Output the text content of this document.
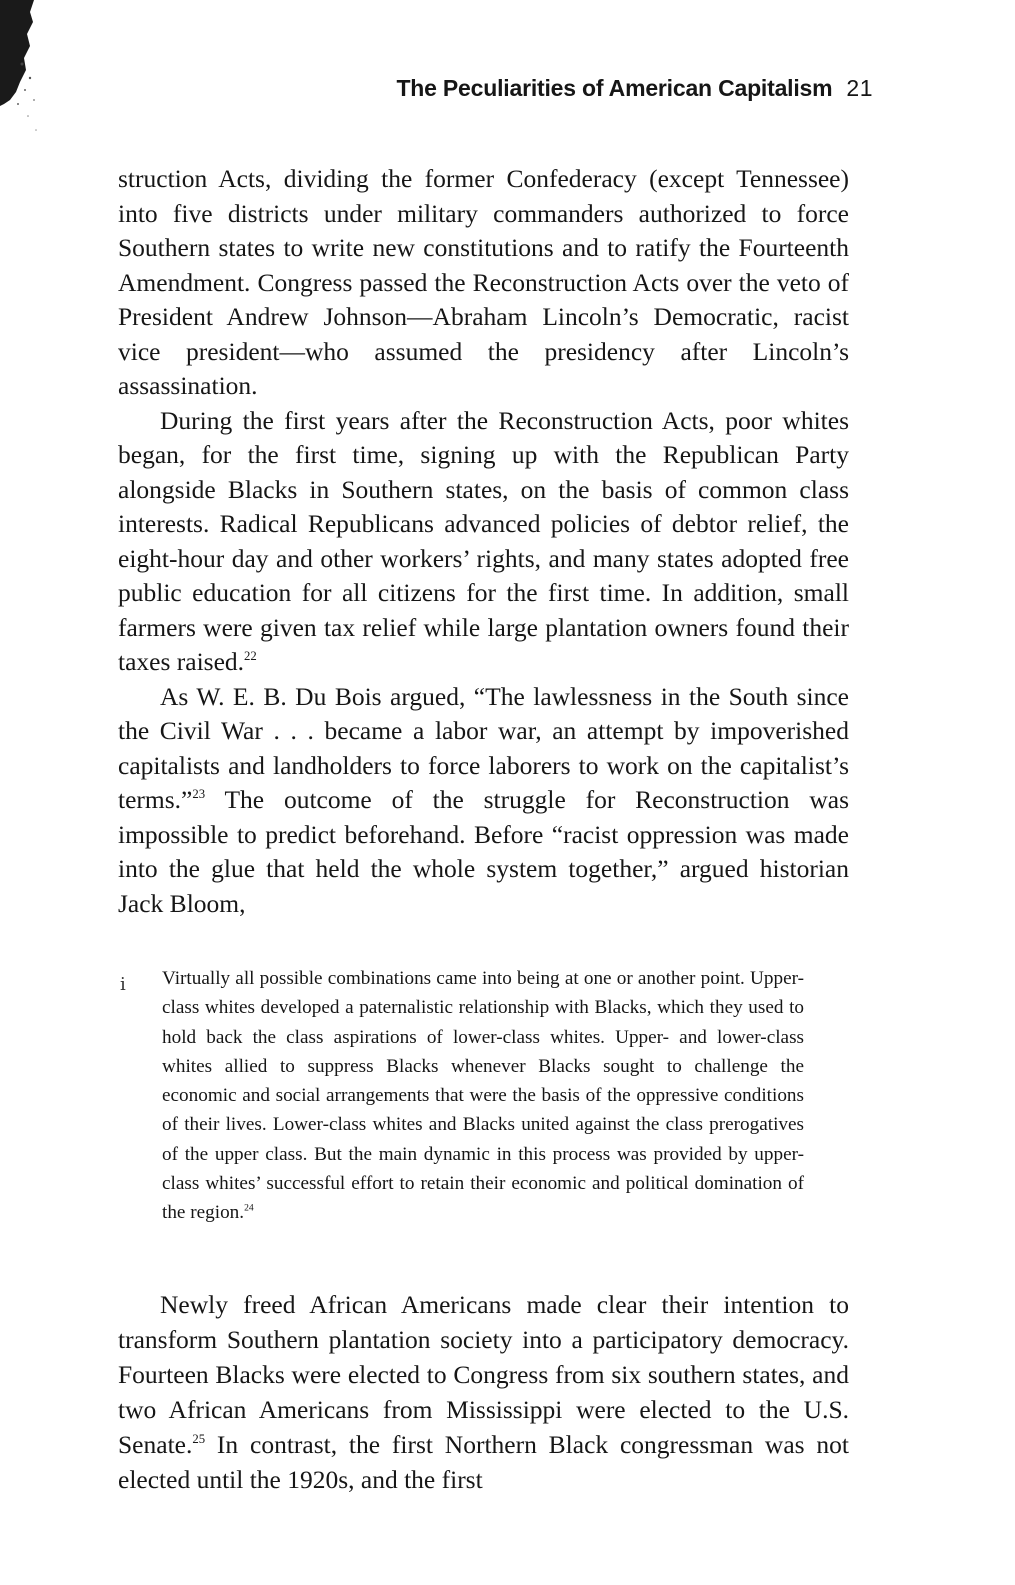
The Peculiarities of American Capitalism 21

struction Acts, dividing the former Confederacy (except Tennessee) into five districts under military commanders authorized to force Southern states to write new constitutions and to ratify the Fourteenth Amendment. Congress passed the Reconstruction Acts over the veto of President Andrew Johnson—Abraham Lincoln’s Democratic, racist vice president—who assumed the presidency after Lincoln’s assassination.

During the first years after the Reconstruction Acts, poor whites began, for the first time, signing up with the Republican Party alongside Blacks in Southern states, on the basis of common class interests. Radical Republicans advanced policies of debtor relief, the eight-hour day and other workers’ rights, and many states adopted free public education for all citizens for the first time. In addition, small farmers were given tax relief while large plantation owners found their taxes raised.$^{22}$

As W. E. B. Du Bois argued, “The lawlessness in the South since the Civil War . . . became a labor war, an attempt by impoverished capitalists and landholders to force laborers to work on the capitalist’s terms.”$^{23}$ The outcome of the struggle for Reconstruction was impossible to predict beforehand. Before “racist oppression was made into the glue that held the whole system together,” argued historian Jack Bloom,

ⅰ Virtually all possible combinations came into being at one or another point. Upper-class whites developed a paternalistic relationship with Blacks, which they used to hold back the class aspirations of lower-class whites. Upper- and lower-class whites allied to suppress Blacks whenever Blacks sought to challenge the economic and social arrangements that were the basis of the oppressive conditions of their lives. Lower-class whites and Blacks united against the class prerogatives of the upper class. But the main dynamic in this process was provided by upper-class whites’ successful effort to retain their economic and political domination of the region.$^{24}$

Newly freed African Americans made clear their intention to transform Southern plantation society into a participatory democracy. Fourteen Blacks were elected to Congress from six southern states, and two African Americans from Mississippi were elected to the U.S. Senate.$^{25}$ In contrast, the first Northern Black congressman was not elected until the 1920s, and the first
